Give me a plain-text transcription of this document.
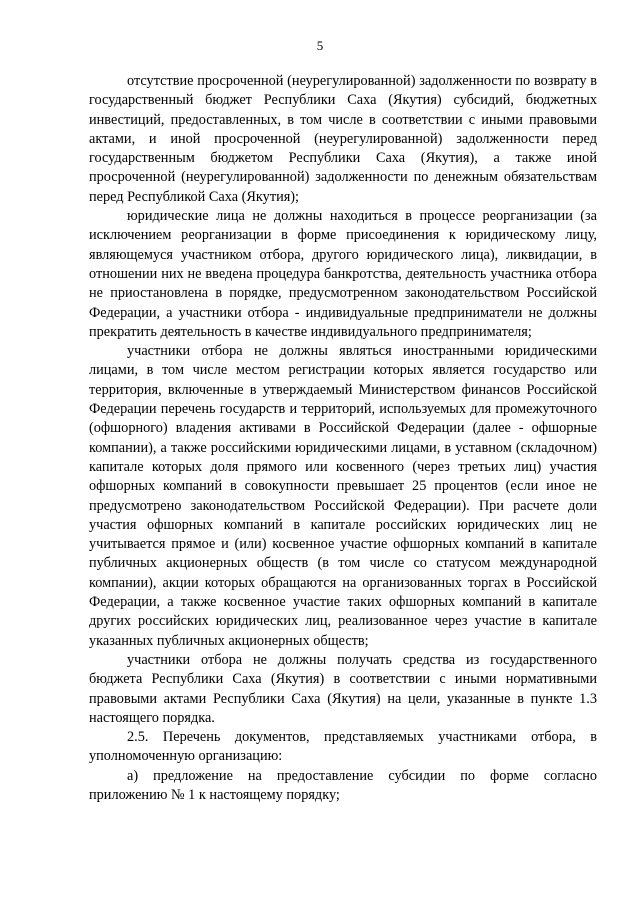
5

отсутствие просроченной (неурегулированной) задолженности по возврату в государственный бюджет Республики Саха (Якутия) субсидий, бюджетных инвестиций, предоставленных, в том числе в соответствии с иными правовыми актами, и иной просроченной (неурегулированной) задолженности перед государственным бюджетом Республики Саха (Якутия), а также иной просроченной (неурегулированной) задолженности по денежным обязательствам перед Республикой Саха (Якутия);

юридические лица не должны находиться в процессе реорганизации (за исключением реорганизации в форме присоединения к юридическому лицу, являющемуся участником отбора, другого юридического лица), ликвидации, в отношении них не введена процедура банкротства, деятельность участника отбора не приостановлена в порядке, предусмотренном законодательством Российской Федерации, а участники отбора - индивидуальные предприниматели не должны прекратить деятельность в качестве индивидуального предпринимателя;

участники отбора не должны являться иностранными юридическими лицами, в том числе местом регистрации которых является государство или территория, включенные в утверждаемый Министерством финансов Российской Федерации перечень государств и территорий, используемых для промежуточного (офшорного) владения активами в Российской Федерации (далее - офшорные компании), а также российскими юридическими лицами, в уставном (складочном) капитале которых доля прямого или косвенного (через третьих лиц) участия офшорных компаний в совокупности превышает 25 процентов (если иное не предусмотрено законодательством Российской Федерации). При расчете доли участия офшорных компаний в капитале российских юридических лиц не учитывается прямое и (или) косвенное участие офшорных компаний в капитале публичных акционерных обществ (в том числе со статусом международной компании), акции которых обращаются на организованных торгах в Российской Федерации, а также косвенное участие таких офшорных компаний в капитале других российских юридических лиц, реализованное через участие в капитале указанных публичных акционерных обществ;

участники отбора не должны получать средства из государственного бюджета Республики Саха (Якутия) в соответствии с иными нормативными правовыми актами Республики Саха (Якутия) на цели, указанные в пункте 1.3 настоящего порядка.

2.5. Перечень документов, представляемых участниками отбора, в уполномоченную организацию:

а) предложение на предоставление субсидии по форме согласно приложению № 1 к настоящему порядку;
